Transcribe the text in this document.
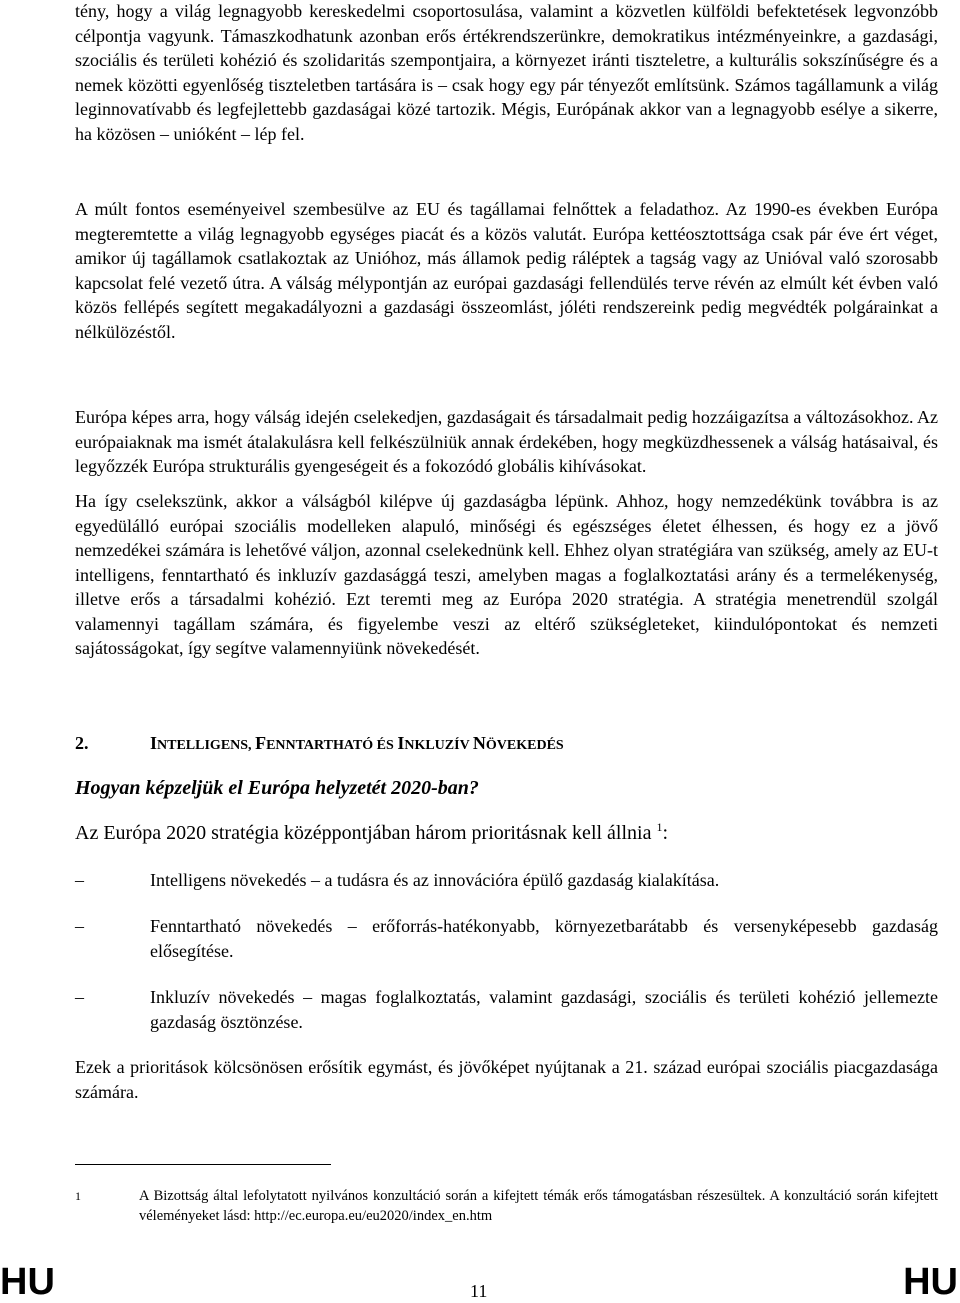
tény, hogy a világ legnagyobb kereskedelmi csoportosulása, valamint a közvetlen külföldi befektetések legvonzóbb célpontja vagyunk. Támaszkodhatunk azonban erős értékrendszerünkre, demokratikus intézményeinkre, a gazdasági, szociális és területi kohézió és szolidaritás szempontjaira, a környezet iránti tiszteletre, a kulturális sokszínűségre és a nemek közötti egyenlőség tiszteletben tartására is – csak hogy egy pár tényezőt említsünk. Számos tagállamunk a világ leginnovatívabb és legfejlettebb gazdaságai közé tartozik. Mégis, Európának akkor van a legnagyobb esélye a sikerre, ha közösen – unióként – lép fel.

A múlt fontos eseményeivel szembesülve az EU és tagállamai felnőttek a feladathoz. Az 1990-es években Európa megteremtette a világ legnagyobb egységes piacát és a közös valutát. Európa kettéosztottsága csak pár éve ért véget, amikor új tagállamok csatlakoztak az Unióhoz, más államok pedig ráléptek a tagság vagy az Unióval való szorosabb kapcsolat felé vezető útra. A válság mélypontján az európai gazdasági fellendülés terve révén az elmúlt két évben való közös fellépés segített megakadályozni a gazdasági összeomlást, jóléti rendszereink pedig megvédték polgárainkat a nélkülözéstől.

Európa képes arra, hogy válság idején cselekedjen, gazdaságait és társadalmait pedig hozzáigazítsa a változásokhoz. Az európaiaknak ma ismét átalakulásra kell felkészülniük annak érdekében, hogy megküzdhessenek a válság hatásaival, és legyőzzék Európa strukturális gyengeségeit és a fokozódó globális kihívásokat.

Ha így cselekszünk, akkor a válságból kilépve új gazdaságba lépünk. Ahhoz, hogy nemzedékünk továbbra is az egyedülálló európai szociális modelleken alapuló, minőségi és egészséges életet élhessen, és hogy ez a jövő nemzedékei számára is lehetővé váljon, azonnal cselekednünk kell. Ehhez olyan stratégiára van szükség, amely az EU-t intelligens, fenntartható és inkluzív gazdasággá teszi, amelyben magas a foglalkoztatási arány és a termelékenység, illetve erős a társadalmi kohézió. Ezt teremti meg az Európa 2020 stratégia. A stratégia menetrendül szolgál valamennyi tagállam számára, és figyelembe veszi az eltérő szükségleteket, kiindulópontokat és nemzeti sajátosságokat, így segítve valamennyiünk növekedését.

2.	INTELLIGENS, FENNTARTHATÓ ÉS INKLUZÍV NÖVEKEDÉS

Hogyan képzeljük el Európa helyzetét 2020-ban?

Az Európa 2020 stratégia középpontjában három prioritásnak kell állnia $^1$:

–	Intelligens növekedés – a tudásra és az innovációra épülő gazdaság kialakítása.
–	Fenntartható növekedés – erőforrás-hatékonyabb, környezetbarátabb és versenyképesebb gazdaság elősegítése.
–	Inkluzív növekedés – magas foglalkoztatás, valamint gazdasági, szociális és területi kohézió jellemezte gazdaság ösztönzése.

Ezek a prioritások kölcsönösen erősítik egymást, és jövőképet nyújtanak a 21. század európai szociális piacgazdasága számára.

1	A Bizottság által lefolytatott nyilvános konzultáció során a kifejtett témák erős támogatásban részesültek. A konzultáció során kifejtett véleményeket lásd: http://ec.europa.eu/eu2020/index_en.htm
HU	11	HU
